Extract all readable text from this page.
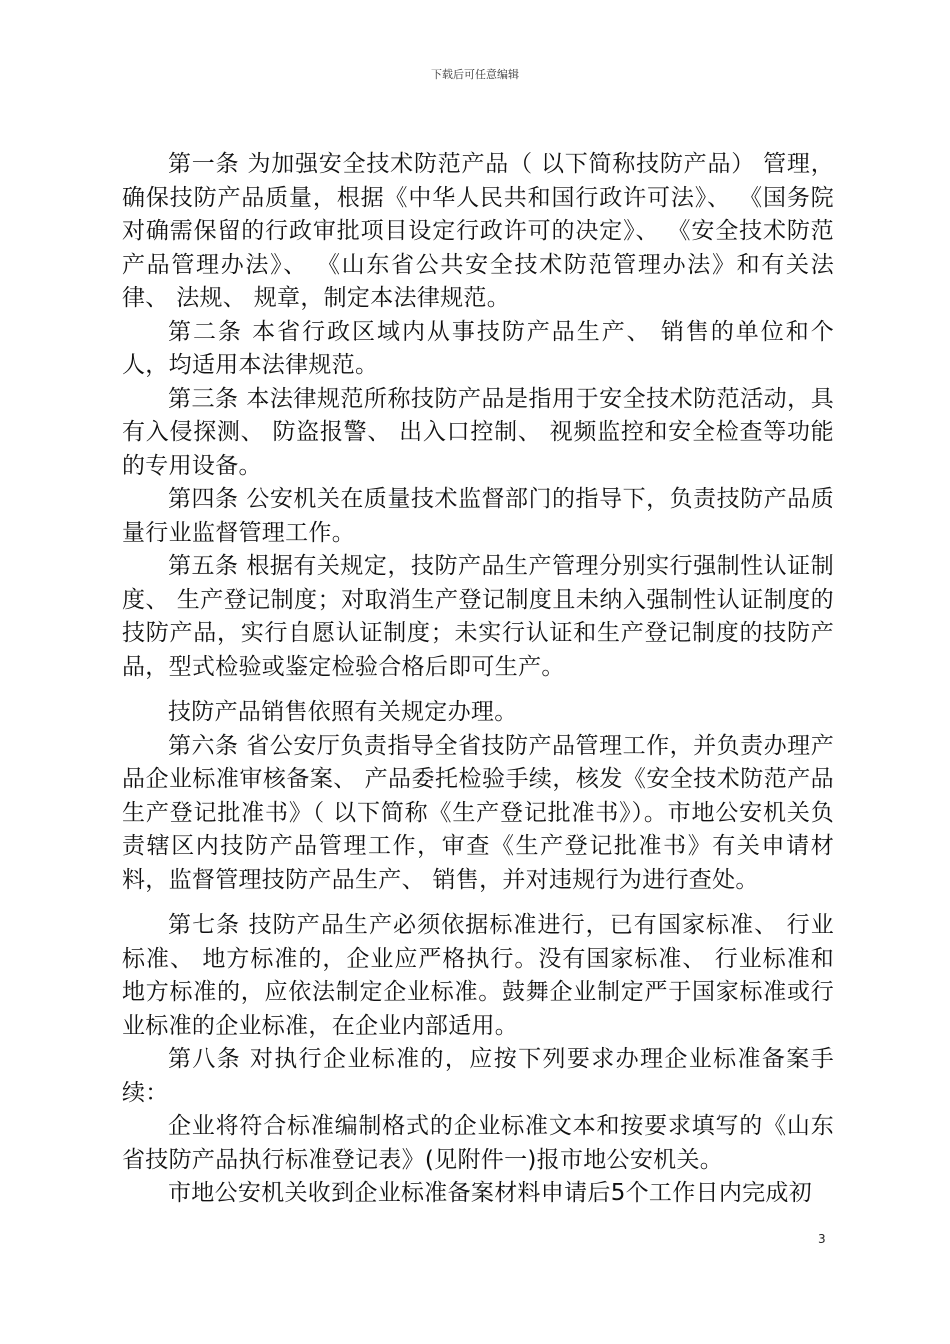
下载后可任意编辑

第一条 为加强安全技术防范产品（ 以下简称技防产品） 管理，确保技防产品质量，根据《中华人民共和国行政许可法》、 《国务院对确需保留的行政审批项目设定行政许可的决定》、 《安全技术防范产品管理办法》、 《山东省公共安全技术防范管理办法》和有关法律、 法规、 规章，制定本法律规范。

第二条 本省行政区域内从事技防产品生产、 销售的单位和个人，均适用本法律规范。

第三条 本法律规范所称技防产品是指用于安全技术防范活动，具有入侵探测、 防盗报警、 出入口控制、 视频监控和安全检查等功能的专用设备。

第四条 公安机关在质量技术监督部门的指导下，负责技防产品质量行业监督管理工作。

第五条 根据有关规定，技防产品生产管理分别实行强制性认证制度、 生产登记制度；对取消生产登记制度且未纳入强制性认证制度的技防产品，实行自愿认证制度；未实行认证和生产登记制度的技防产品，型式检验或鉴定检验合格后即可生产。

技防产品销售依照有关规定办理。

第六条 省公安厅负责指导全省技防产品管理工作，并负责办理产品企业标准审核备案、 产品委托检验手续，核发《安全技术防范产品生产登记批准书》（ 以下简称《生产登记批准书》）。市地公安机关负责辖区内技防产品管理工作，审查《生产登记批准书》有关申请材料，监督管理技防产品生产、 销售，并对违规行为进行查处。

第七条 技防产品生产必须依据标准进行，已有国家标准、 行业标准、 地方标准的，企业应严格执行。没有国家标准、 行业标准和地方标准的，应依法制定企业标准。鼓舞企业制定严于国家标准或行业标准的企业标准，在企业内部适用。

第八条 对执行企业标准的，应按下列要求办理企业标准备案手续：

企业将符合标准编制格式的企业标准文本和按要求填写的《山东省技防产品执行标准登记表》(见附件一)报市地公安机关。

市地公安机关收到企业标准备案材料申请后5个工作日内完成初

3
